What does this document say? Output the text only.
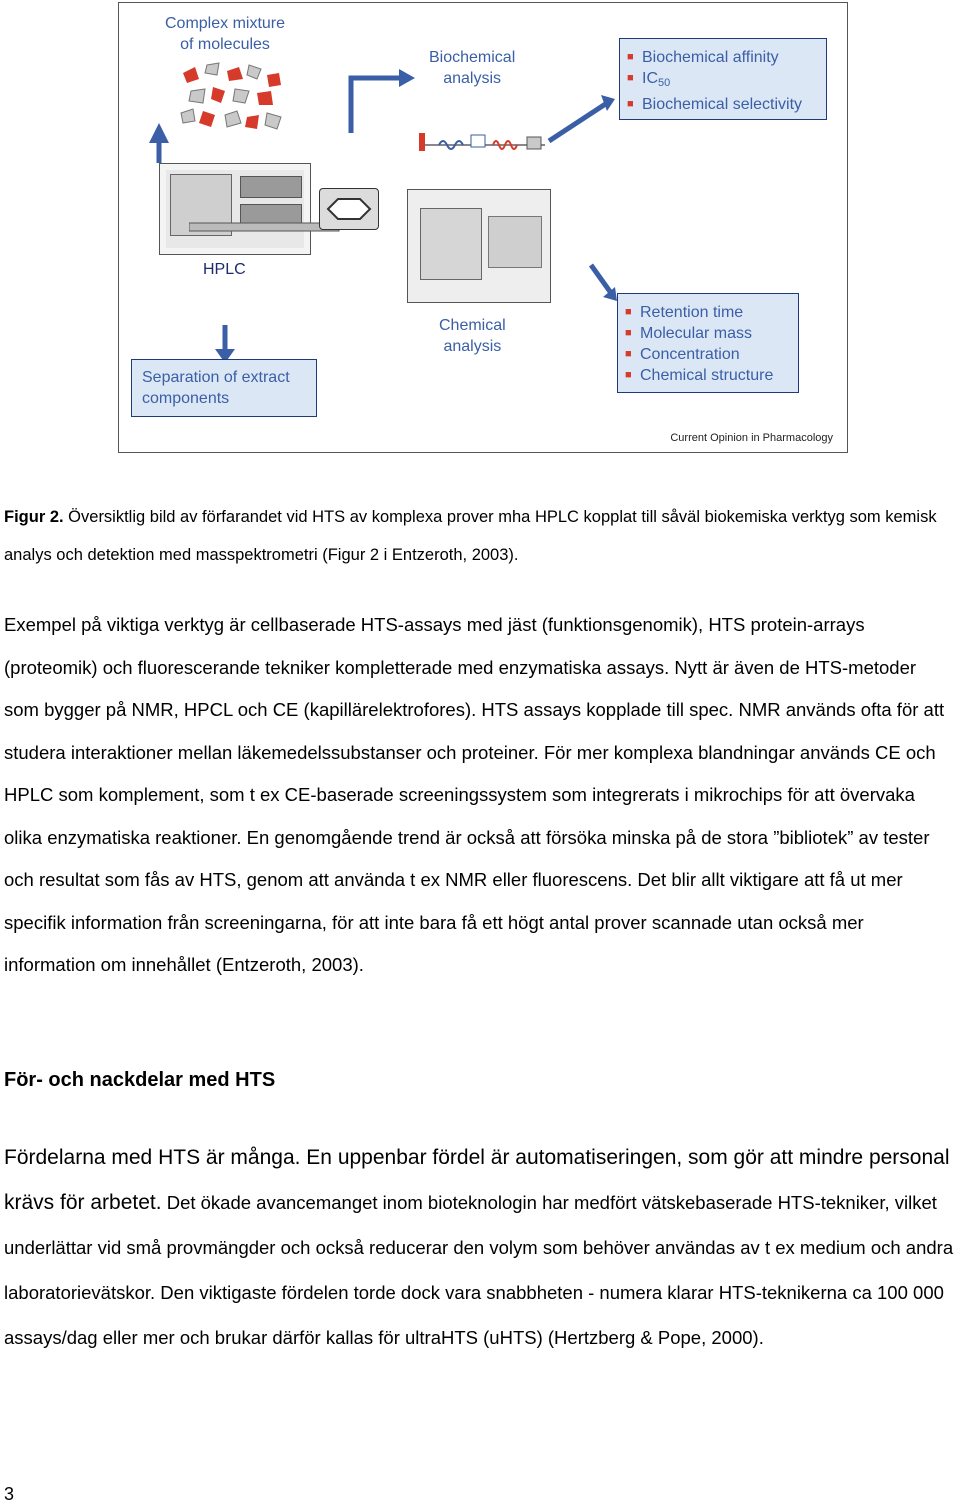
Complex mixture
of molecules
Biochemical
analysis
■ Biochemical affinity
■ $IC_{50}$
■ Biochemical selectivity
HPLC
Chemical
analysis
Separation of extract
components
■ Retention time
■ Molecular mass
■ Concentration
■ Chemical structure
Current Opinion in Pharmacology
Figur 2. Översiktlig bild av förfarandet vid HTS av komplexa prover mha HPLC kopplat till såväl biokemiska verktyg som kemisk analys och detektion med masspektrometri (Figur 2 i Entzeroth, 2003).
Exempel på viktiga verktyg är cellbaserade HTS-assays med jäst (funktionsgenomik), HTS protein-arrays (proteomik) och fluorescerande tekniker kompletterade med enzymatiska assays. Nytt är även de HTS-metoder som bygger på NMR, HPCL och CE (kapillärelektrofores). HTS assays kopplade till spec. NMR används ofta för att studera interaktioner mellan läkemedelssubstanser och proteiner. För mer komplexa blandningar används CE och HPLC som komplement, som t ex CE-baserade screeningssystem som integrerats i mikrochips för att övervaka olika enzymatiska reaktioner. En genomgående trend är också att försöka minska på de stora ”bibliotek” av tester och resultat som fås av HTS, genom att använda t ex NMR eller fluorescens. Det blir allt viktigare att få ut mer specifik information från screeningarna, för att inte bara få ett högt antal prover scannade utan också mer information om innehållet (Entzeroth, 2003).
För- och nackdelar med HTS
Fördelarna med HTS är många. En uppenbar fördel är automatiseringen, som gör att mindre personal krävs för arbetet. Det ökade avancemanget inom bioteknologin har medfört vätskebaserade HTS-tekniker, vilket underlättar vid små provmängder och också reducerar den volym som behöver användas av t ex medium och andra laboratorievätskor. Den viktigaste fördelen torde dock vara snabbheten - numera klarar HTS-teknikerna ca 100 000 assays/dag eller mer och brukar därför kallas för ultraHTS (uHTS) (Hertzberg & Pope, 2000).
3
